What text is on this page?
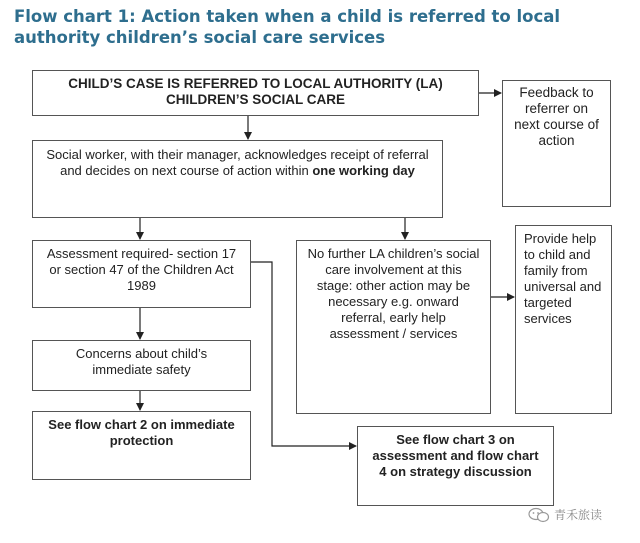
Flow chart 1: Action taken when a child is referred to local
authority children’s social care services
CHILD’S CASE IS REFERRED TO LOCAL AUTHORITY (LA)
CHILDREN’S SOCIAL CARE	Feedback to referrer on next course of action
Social worker, with their manager, acknowledges receipt of referral and decides on next course of action within one working day
Assessment required- section 17 or section 47 of the Children Act 1989
No further LA children’s social care involvement at this stage: other action may be necessary e.g. onward referral, early help assessment / services
Provide help to child and family from universal and targeted services
Concerns about child’s immediate safety
See flow chart 2 on immediate protection	See flow chart 3 on assessment and flow chart 4 on strategy discussion
青禾旅读
